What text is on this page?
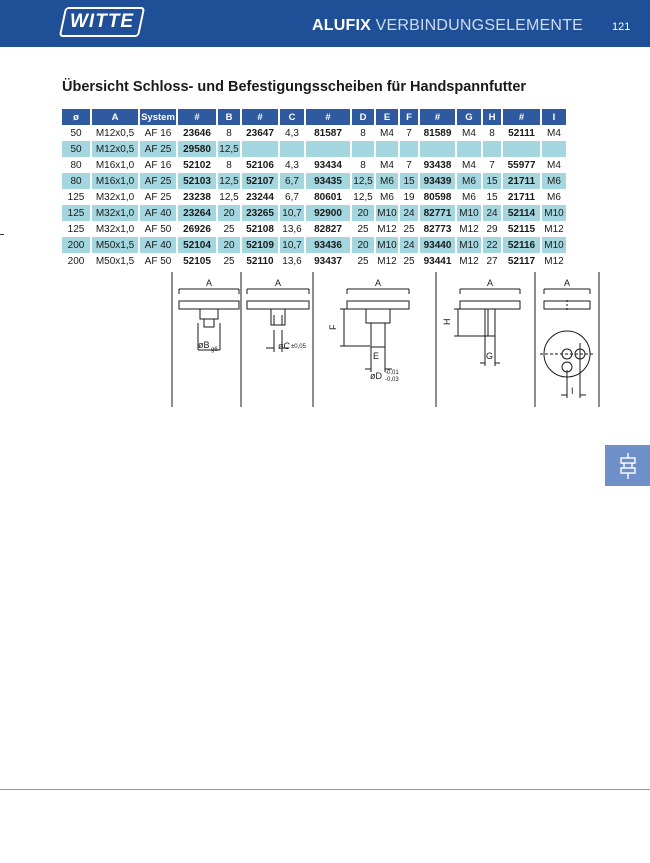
WITTE	ALUFIX VERBINDUNGSELEMENTE	121
Übersicht Schloss- und Befestigungsscheiben für Handspannfutter
ø	A	System	#	B	#	C	#	D	E	F	#	G	H	#	I
50	M12x0,5	AF 16	23646	8	23647	4,3	81587	8	M4	7	81589	M4	8	52111	M4
50	M12x0,5	AF 25	29580	12,5											
80	M16x1,0	AF 16	52102	8	52106	4,3	93434	8	M4	7	93438	M4	7	55977	M4
80	M16x1,0	AF 25	52103	12,5	52107	6,7	93435	12,5	M6	15	93439	M6	15	21711	M6
125	M32x1,0	AF 25	23238	12,5	23244	6,7	80601	12,5	M6	19	80598	M6	15	21711	M6
125	M32x1,0	AF 40	23264	20	23265	10,7	92900	20	M10	24	82771	M10	24	52114	M10
125	M32x1,0	AF 50	26926	25	52108	13,6	82827	25	M12	25	82773	M12	29	52115	M12
200	M50x1,5	AF 40	52104	20	52109	10,7	93436	20	M10	24	93440	M10	22	52116	M10
200	M50x1,5	AF 50	52105	25	52110	13,6	93437	25	M12	25	93441	M12	27	52117	M12
A
øB g6
A
øC ±0,05
A
F
E
øD -0,01
-0,03
A
H
G
A
I
